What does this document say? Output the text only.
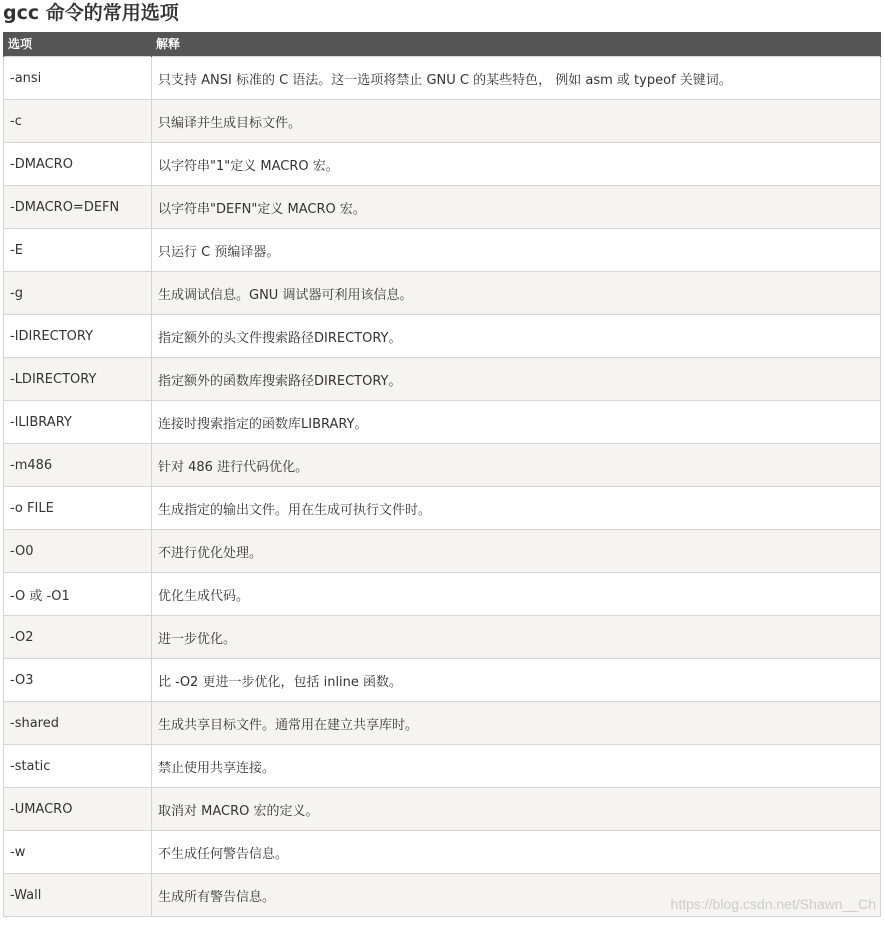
gcc 命令的常用选项
选项	解释
-ansi	只支持 ANSI 标准的 C 语法。这一选项将禁止 GNU C 的某些特色， 例如 asm 或 typeof 关键词。
-c	只编译并生成目标文件。
-DMACRO	以字符串"1"定义 MACRO 宏。
-DMACRO=DEFN	以字符串"DEFN"定义 MACRO 宏。
-E	只运行 C 预编译器。
-g	生成调试信息。GNU 调试器可利用该信息。
-IDIRECTORY	指定额外的头文件搜索路径DIRECTORY。
-LDIRECTORY	指定额外的函数库搜索路径DIRECTORY。
-lLIBRARY	连接时搜索指定的函数库LIBRARY。
-m486	针对 486 进行代码优化。
-o FILE	生成指定的输出文件。用在生成可执行文件时。
-O0	不进行优化处理。
-O 或 -O1	优化生成代码。
-O2	进一步优化。
-O3	比 -O2 更进一步优化，包括 inline 函数。
-shared	生成共享目标文件。通常用在建立共享库时。
-static	禁止使用共享连接。
-UMACRO	取消对 MACRO 宏的定义。
-w	不生成任何警告信息。
-Wall	生成所有警告信息。	https://blog.csdn.net/Shawn__Ch
